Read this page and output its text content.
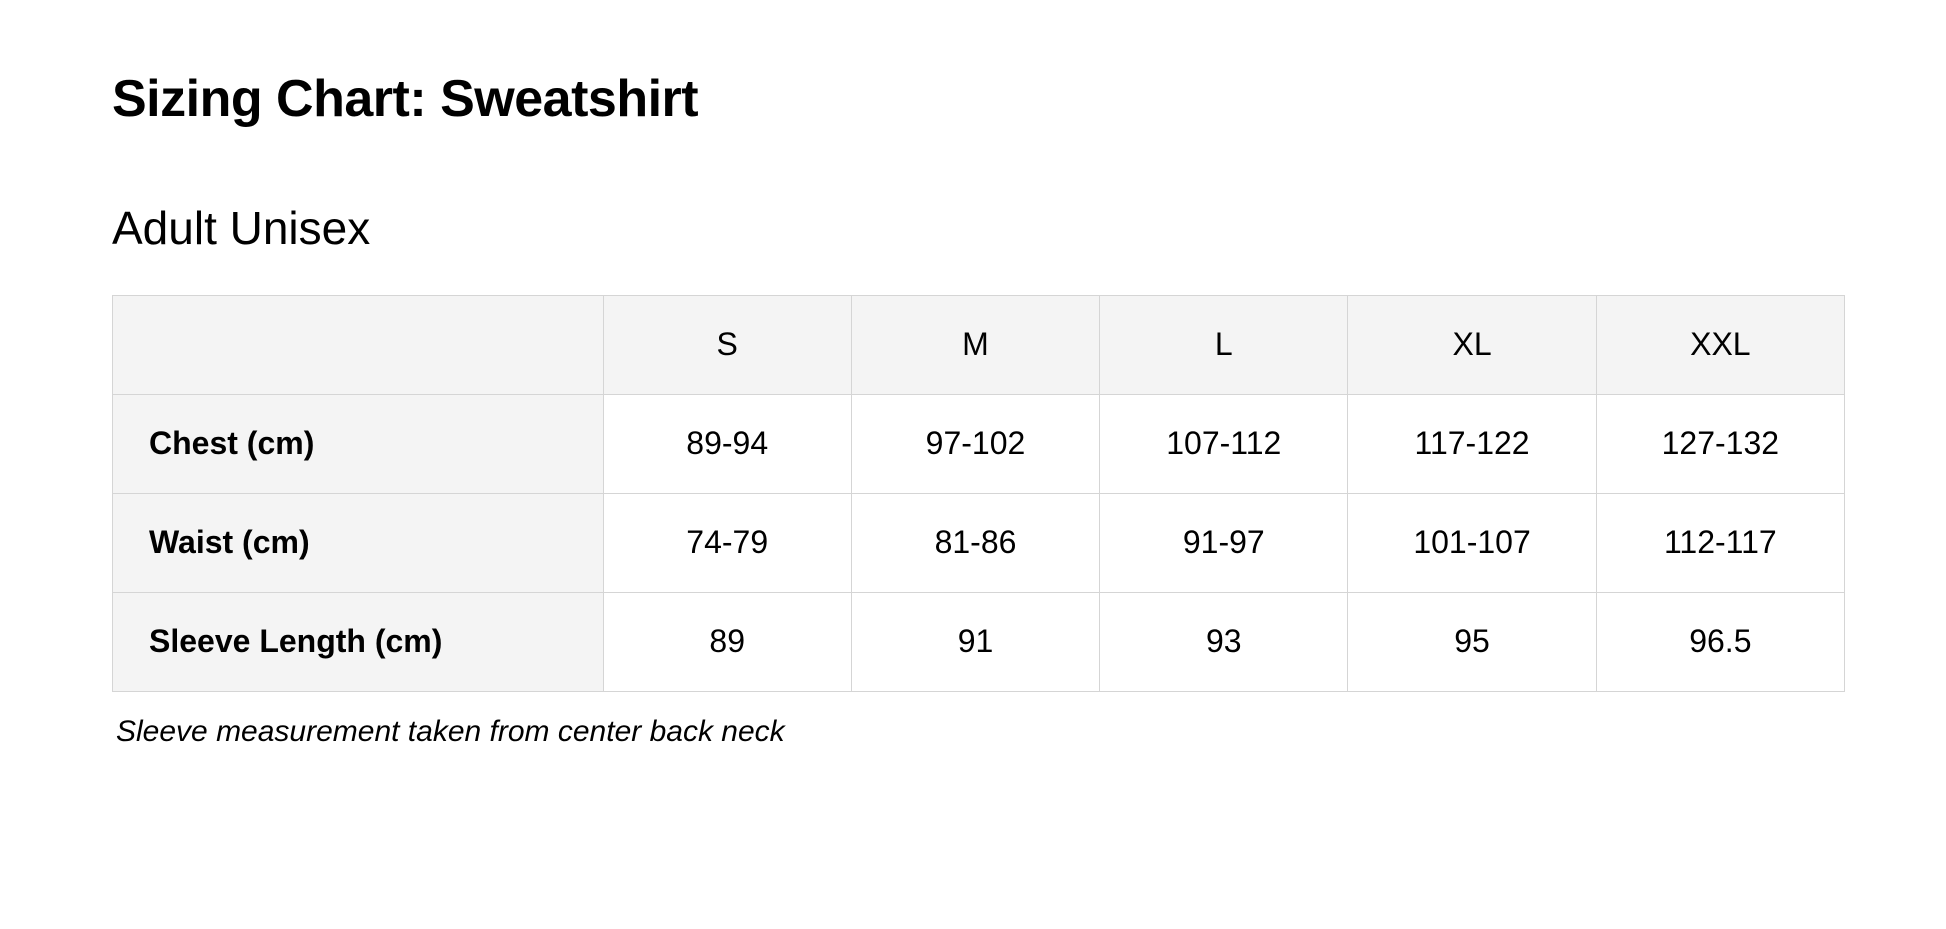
Sizing Chart: Sweatshirt
Adult Unisex
	S	M	L	XL	XXL
Chest (cm)	89-94	97-102	107-112	117-122	127-132
Waist (cm)	74-79	81-86	91-97	101-107	112-117
Sleeve Length (cm)	89	91	93	95	96.5

Sleeve measurement taken from center back neck
